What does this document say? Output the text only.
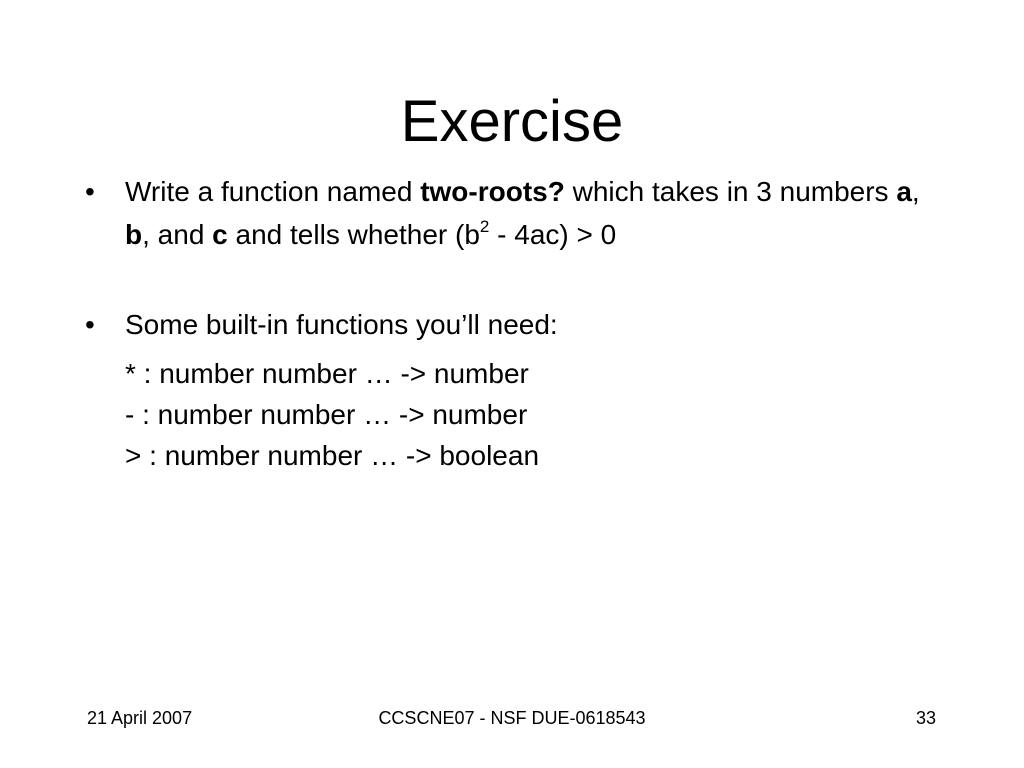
Exercise
•	Write a function named two-roots? which takes in 3 numbers a, b, and c and tells whether $(b^2 - 4ac) > 0$
•	Some built-in functions you’ll need:
* : number number … -> number
- : number number … -> number
> : number number … -> boolean
CCSCNE07 - NSF DUE-0618543
21 April 2007	33
